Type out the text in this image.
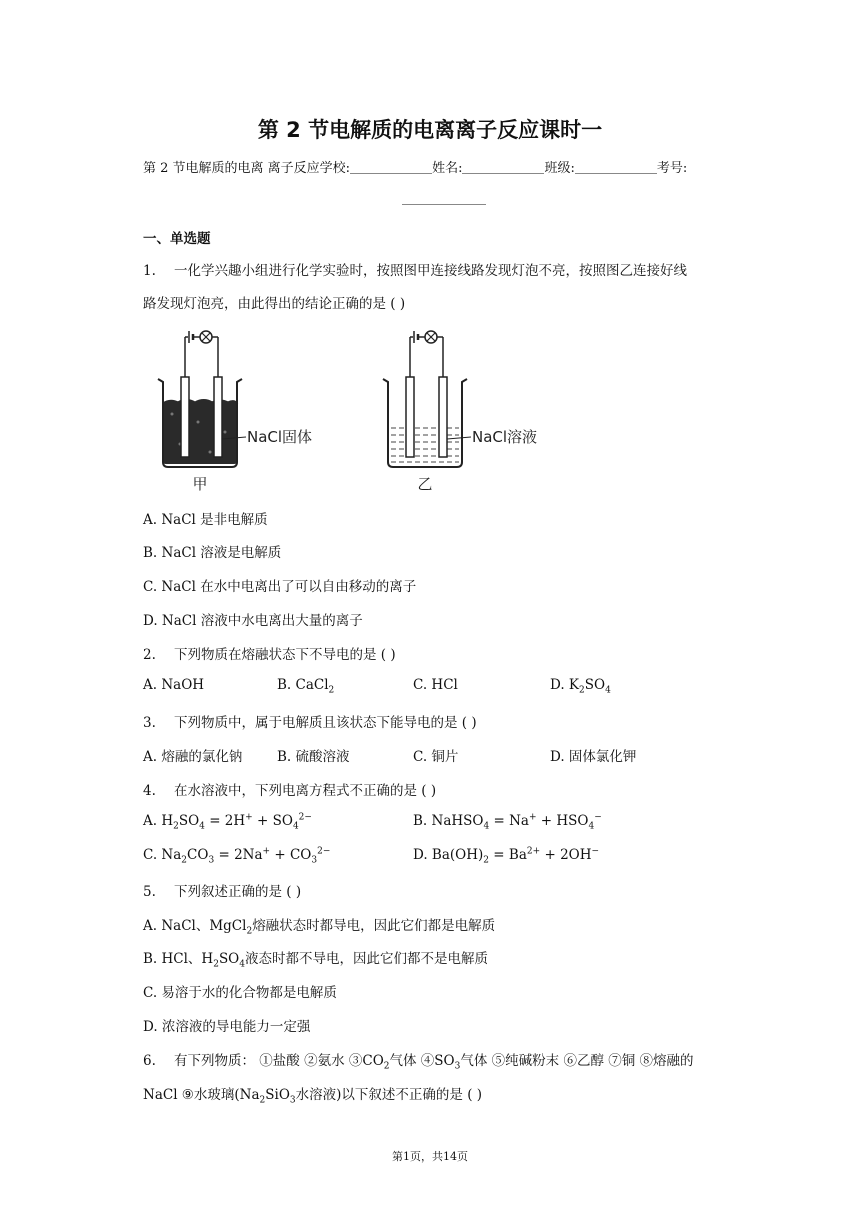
第 2 节电解质的电离离子反应课时一
第 2 节电解质的电离 离子反应学校:	姓名:	班级:	考号:
一、单选题
1. 一化学兴趣小组进行化学实验时，按照图甲连接线路发现灯泡不亮，按照图乙连接好线
路发现灯泡亮，由此得出的结论正确的是 ( )
NaCl固体
甲
NaCl溶液
乙
A. NaCl 是非电解质
B. NaCl 溶液是电解质
C. NaCl 在水中电离出了可以自由移动的离子
D. NaCl 溶液中水电离出大量的离子
2. 下列物质在熔融状态下不导电的是 ( )
A. NaOH	B. CaCl$_2$	C. HCl	D. $K_2SO_4$
3. 下列物质中，属于电解质且该状态下能导电的是 ( )
A. 熔融的氯化钠	B. 硫酸溶液	C. 铜片	D. 固体氯化钾
4. 在水溶液中，下列电离方程式不正确的是 ( )
A. $H_2SO_4 = 2H^+ + SO_4^{2-}$	B. NaHSO$_4$ = $Na^+ + HSO_4^-$
C. $Na_2CO_3 = 2Na^+ + CO_3^{2-}$	D. $Ba(OH)_2 = Ba^{2+} + 2OH^-$
5. 下列叙述正确的是 ( )
A. NaCl、MgCl$_2$熔融状态时都导电，因此它们都是电解质
B. HCl、$H_2SO_4$液态时都不导电，因此它们都不是电解质
C. 易溶于水的化合物都是电解质
D. 浓溶液的导电能力一定强
6. 有下列物质： ①盐酸 ②氨水 $③CO_2$气体 $④SO_3$气体 ⑤纯碱粉末 ⑥乙醇 ⑦铜 ⑧熔融的
NaCl ⑨水玻璃($Na_2SiO_3$水溶液)以下叙述不正确的是 ( )
第1页，共14页
